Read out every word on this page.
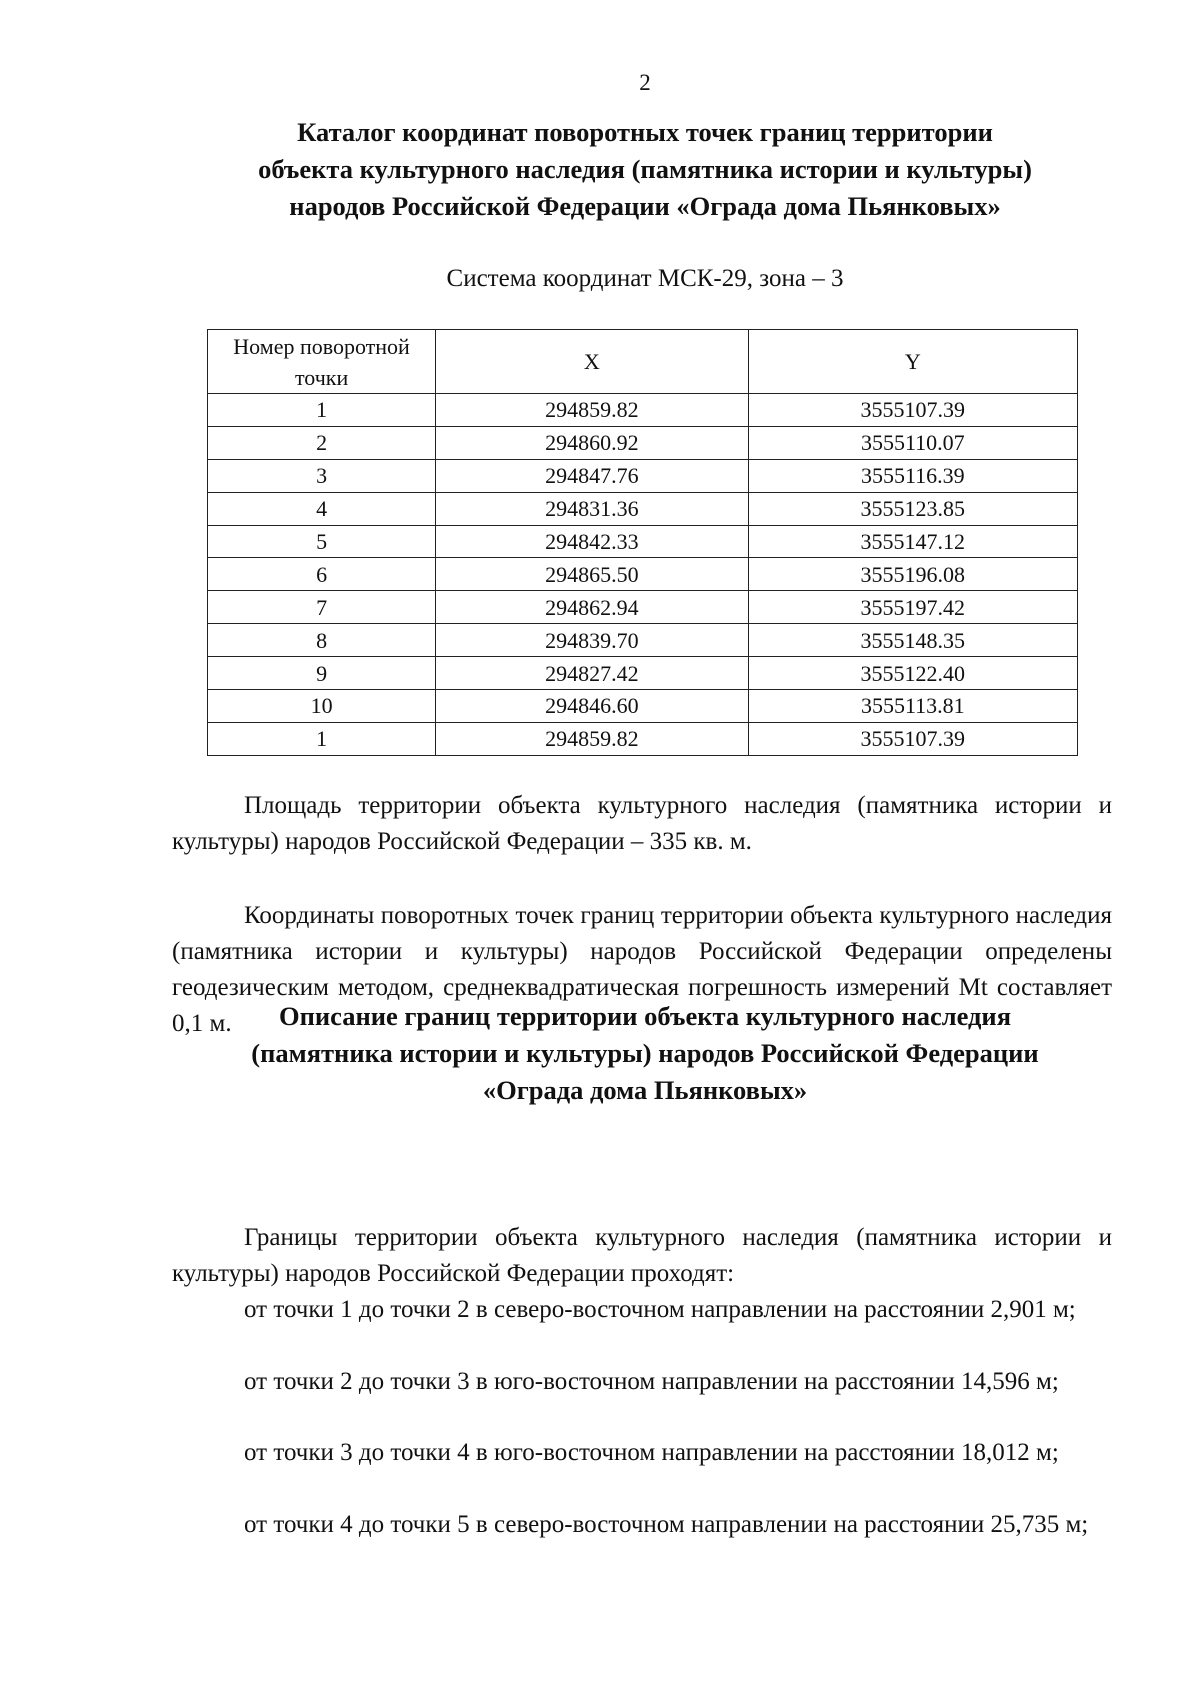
2
Каталог координат поворотных точек границ территории
объекта культурного наследия (памятника истории и культуры)
народов Российской Федерации «Ограда дома Пьянковых»
Система координат МСК-29, зона – 3
Номер поворотной точки	X	Y
1	294859.82	3555107.39
2	294860.92	3555110.07
3	294847.76	3555116.39
4	294831.36	3555123.85
5	294842.33	3555147.12
6	294865.50	3555196.08
7	294862.94	3555197.42
8	294839.70	3555148.35
9	294827.42	3555122.40
10	294846.60	3555113.81
1	294859.82	3555107.39

Площадь территории объекта культурного наследия (памятника истории и культуры) народов Российской Федерации – 335 кв. м.

Координаты поворотных точек границ территории объекта культурного наследия (памятника истории и культуры) народов Российской Федерации определены геодезическим методом, среднеквадратическая погрешность измерений Mt составляет 0,1 м.	Описание границ территории объекта культурного наследия
(памятника истории и культуры) народов Российской Федерации
«Ограда дома Пьянковых»

Границы территории объекта культурного наследия (памятника истории и культуры) народов Российской Федерации проходят:

от точки 1 до точки 2 в северо-восточном направлении на расстоянии 2,901 м;

от точки 2 до точки 3 в юго-восточном направлении на расстоянии 14,596 м;

от точки 3 до точки 4 в юго-восточном направлении на расстоянии 18,012 м;

от точки 4 до точки 5 в северо-восточном направлении на расстоянии 25,735 м;
